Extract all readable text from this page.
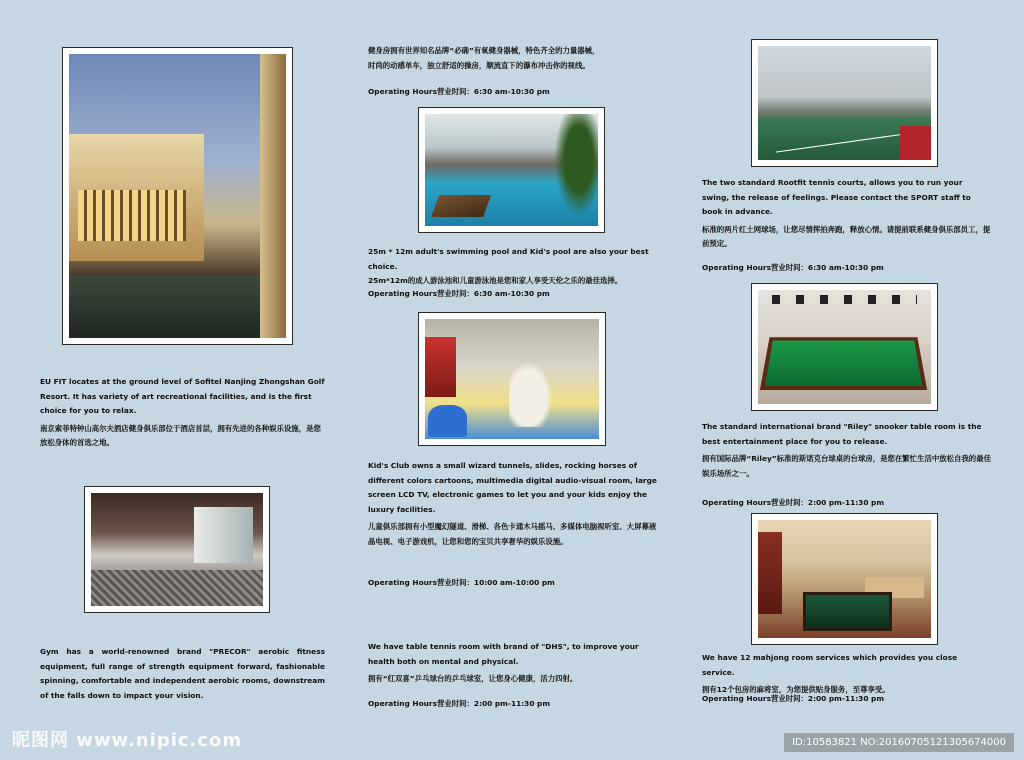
EU FIT locates at the ground level of Sofitel Nanjing Zhongshan Golf Resort. It has variety of art recreational facilities, and is the first choice for you to relax.

南京索菲特钟山高尔夫酒店健身俱乐部位于酒店首层，拥有先进的各种娱乐设施，是您放松身体的首选之地。

Gym has a world-renowned brand "PRECOR" aerobic fitness equipment, full range of strength equipment forward, fashionable spinning, comfortable and independent aerobic rooms, downstream of the falls down to impact your vision.

健身房拥有世界知名品牌“必确”有氧健身器械，特色齐全的力量器械，

时尚的动感单车，独立舒适的操房，顺流直下的瀑布冲击你的视线。

Operating Hours营业时间：6:30 am-10:30 pm

25m * 12m adult's swimming pool and Kid's pool are also your best choice.

25m*12m的成人游泳池和儿童游泳池是您和家人享受天伦之乐的最佳选择。

Operating Hours营业时间：6:30 am-10:30 pm

Kid's Club owns a small wizard tunnels, slides, rocking horses of different colors cartoons, multimedia digital audio-visual room, large screen LCD TV, electronic games to let you and your kids enjoy the luxury facilities.

儿童俱乐部拥有小型魔幻隧道、滑梯、各色卡通木马摇马、多媒体电脑视听室、大屏幕液晶电视、电子游戏机，让您和您的宝贝共享奢华的娱乐设施。

Operating Hours营业时间：10:00 am-10:00 pm

We have table tennis room with brand of "DHS", to improve your health both on mental and physical.

拥有“红双喜”乒乓球台的乒乓球室，让您身心健康，活力四射。

Operating Hours营业时间：2:00 pm-11:30 pm

The two standard Rootfit tennis courts, allows you to run your swing, the release of feelings. Please contact the SPORT staff to book in advance.

标准的两片红土网球场，让您尽情挥拍奔跑，释放心情。请提前联系健身俱乐部员工，提前预定。

Operating Hours营业时间：6:30 am-10:30 pm

The standard international brand "Riley" snooker table room is the best entertainment place for you to release.

拥有国际品牌“Riley”标准的斯诺克台球桌的台球房，是您在繁忙生活中放松自我的最佳娱乐场所之一。

Operating Hours营业时间：2:00 pm-11:30 pm

We have 12 mahjong room services which provides you close service.

拥有12个包房的麻将室，为您提供贴身服务，至尊享受。

Operating Hours营业时间：2:00 pm-11:30 pm
昵图网 www.nipic.com	ID:10583821 NO:20160705121305674000
